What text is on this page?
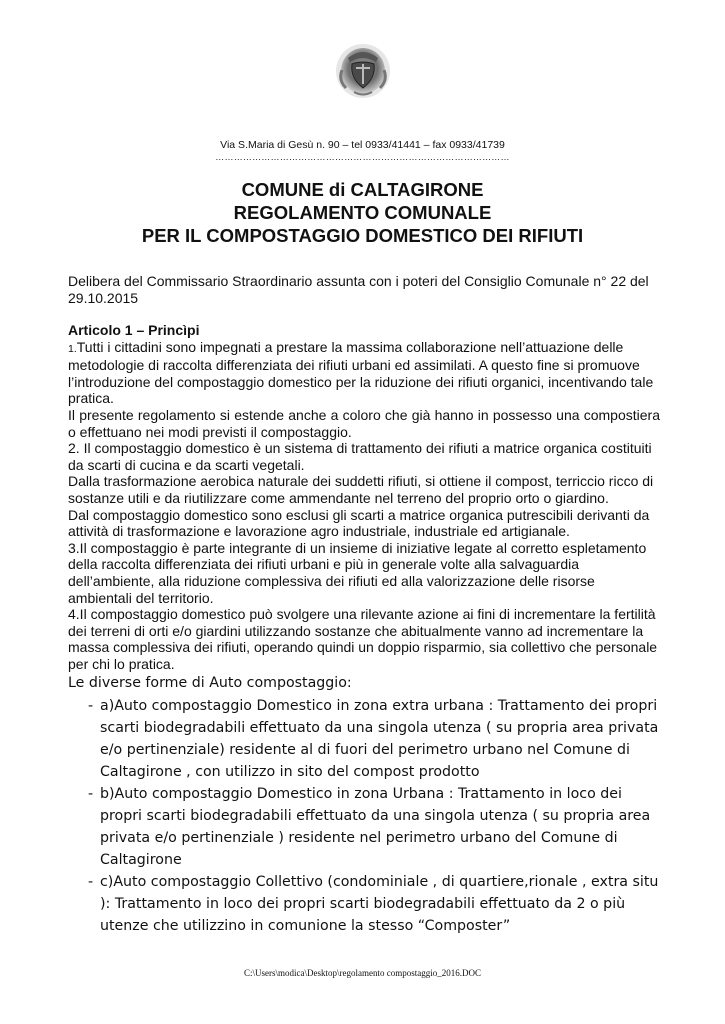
Via S.Maria di Gesù n. 90 – tel 0933/41441 – fax 0933/41739
……………………………………………………………………………………
COMUNE di CALTAGIRONE
REGOLAMENTO COMUNALE
PER IL COMPOSTAGGIO DOMESTICO DEI RIFIUTI
Delibera del Commissario Straordinario assunta con i poteri del Consiglio Comunale n° 22 del 29.10.2015

Articolo 1 – Princìpi

1.Tutti i cittadini sono impegnati a prestare la massima collaborazione nell’attuazione delle metodologie di raccolta differenziata dei rifiuti urbani ed assimilati. A questo fine si promuove l’introduzione del compostaggio domestico per la riduzione dei rifiuti organici, incentivando tale pratica.

Il presente regolamento si estende anche a coloro che già hanno in possesso una compostiera o effettuano nei modi previsti il compostaggio.

2. Il compostaggio domestico è un sistema di trattamento dei rifiuti a matrice organica costituiti da scarti di cucina e da scarti vegetali.

Dalla trasformazione aerobica naturale dei suddetti rifiuti, si ottiene il compost, terriccio ricco di sostanze utili e da riutilizzare come ammendante nel terreno del proprio orto o giardino.

Dal compostaggio domestico sono esclusi gli scarti a matrice organica putrescibili derivanti da attività di trasformazione e lavorazione agro industriale, industriale ed artigianale.

3.Il compostaggio è parte integrante di un insieme di iniziative legate al corretto espletamento della raccolta differenziata dei rifiuti urbani e più in generale volte alla salvaguardia dell’ambiente, alla riduzione complessiva dei rifiuti ed alla valorizzazione delle risorse ambientali del territorio.

4.Il compostaggio domestico può svolgere una rilevante azione ai fini di incrementare la fertilità dei terreni di orti e/o giardini utilizzando sostanze che abitualmente vanno ad incrementare la massa complessiva dei rifiuti, operando quindi un doppio risparmio, sia collettivo che personale per chi lo pratica.

Le diverse forme di Auto compostaggio:

- a)Auto compostaggio Domestico in zona extra urbana : Trattamento dei propri scarti biodegradabili effettuato da una singola utenza ( su propria area privata e/o pertinenziale) residente al di fuori del perimetro urbano nel Comune di Caltagirone , con utilizzo in sito del compost prodotto
- b)Auto compostaggio Domestico in zona Urbana : Trattamento in loco dei propri scarti biodegradabili effettuato da una singola utenza ( su propria area privata e/o pertinenziale ) residente nel perimetro urbano del Comune di Caltagirone
- c)Auto compostaggio Collettivo (condominiale , di quartiere,rionale , extra situ ): Trattamento in loco dei propri scarti biodegradabili effettuato da 2 o più utenze che utilizzino in comunione la stesso “Composter”
C:\Users\modica\Desktop\regolamento compostaggio_2016.DOC
